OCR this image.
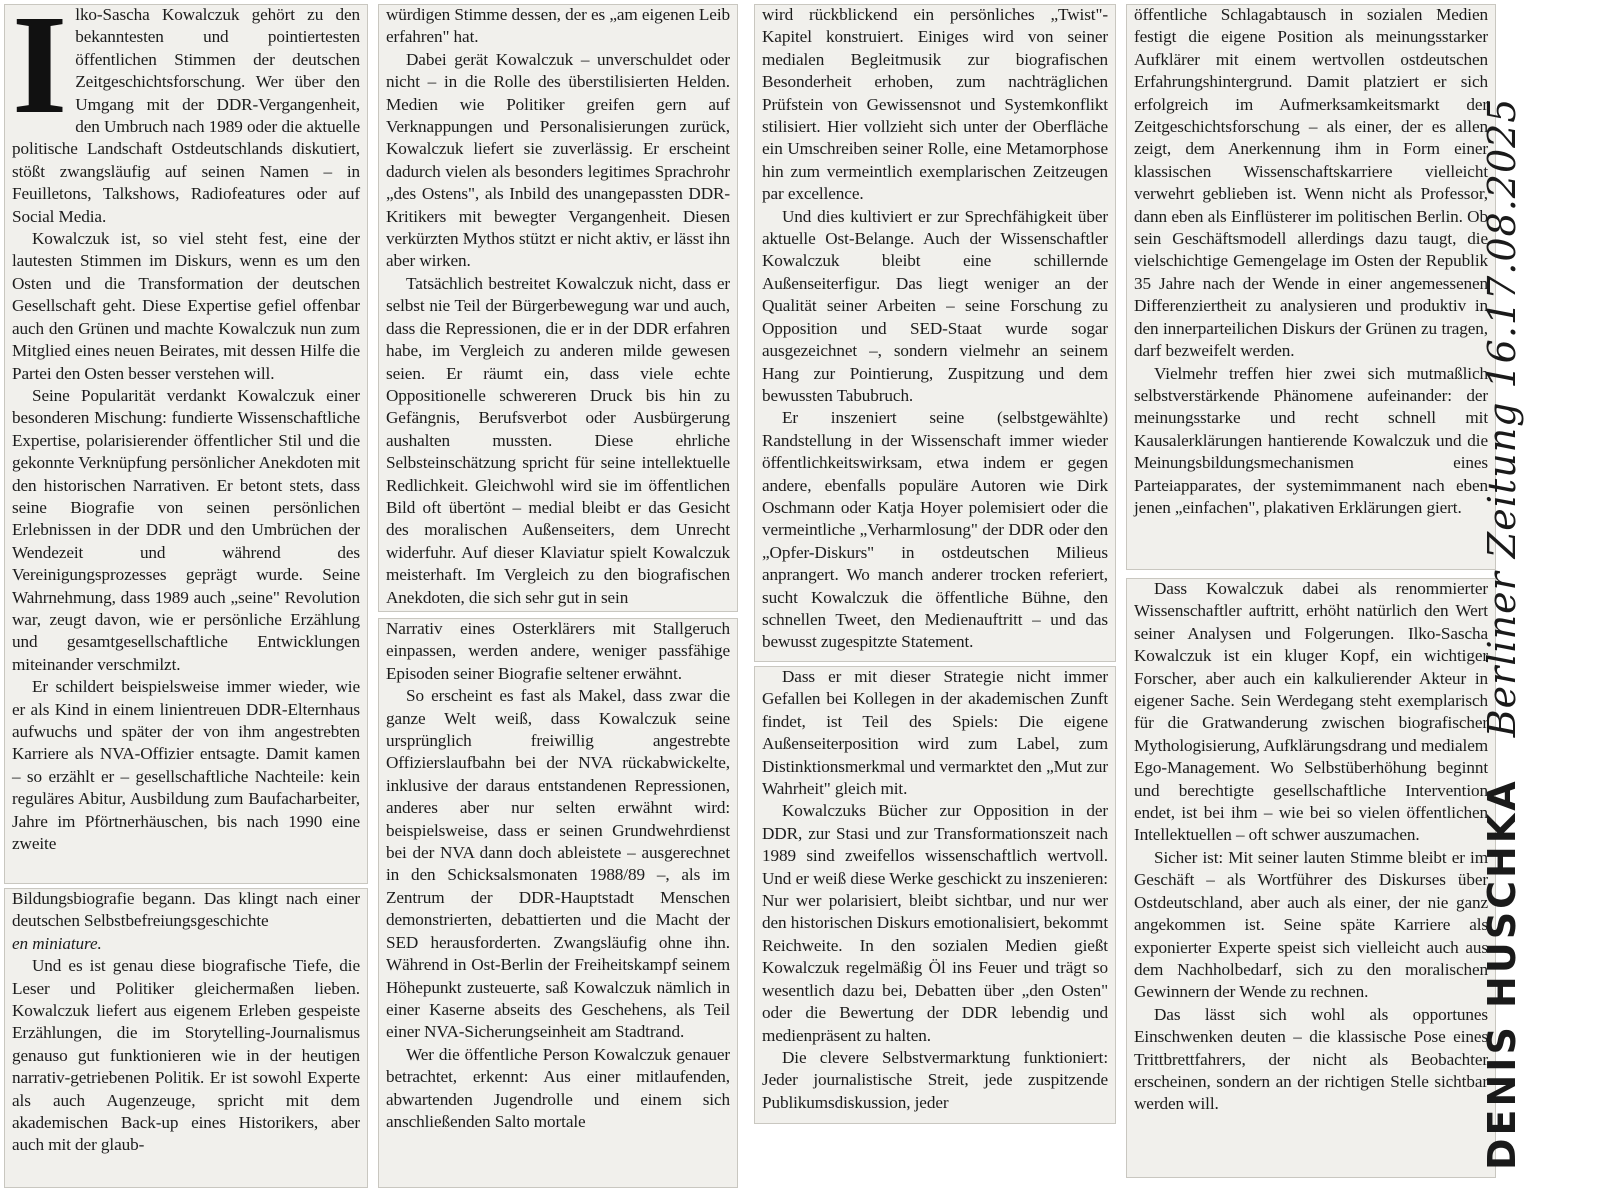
I lko-Sascha Kowalczuk gehört zu den bekanntesten und pointiertesten öffentlichen Stimmen der deutschen Zeitgeschichtsforschung. Wer über den Umgang mit der DDR-Vergangenheit, den Umbruch nach 1989 oder die aktuelle politische Landschaft Ostdeutschlands diskutiert, stößt zwangsläufig auf seinen Namen – in Feuilletons, Talkshows, Radiofeatures oder auf Social Media.

Kowalczuk ist, so viel steht fest, eine der lautesten Stimmen im Diskurs, wenn es um den Osten und die Transformation der deutschen Gesellschaft geht. Diese Expertise gefiel offenbar auch den Grünen und machte Kowalczuk nun zum Mitglied eines neuen Beirates, mit dessen Hilfe die Partei den Osten besser verstehen will.

Seine Popularität verdankt Kowalczuk einer besonderen Mischung: fundierte Wissenschaftliche Expertise, polarisierender öffentlicher Stil und die gekonnte Verknüpfung persönlicher Anekdoten mit den historischen Narrativen. Er betont stets, dass seine Biografie von seinen persönlichen Erlebnissen in der DDR und den Umbrüchen der Wendezeit und während des Vereinigungsprozesses geprägt wurde. Seine Wahrnehmung, dass 1989 auch „seine" Revolution war, zeugt davon, wie er persönliche Erzählung und gesamtgesellschaftliche Entwicklungen miteinander verschmilzt.

Er schildert beispielsweise immer wieder, wie er als Kind in einem linientreuen DDR-Elternhaus aufwuchs und später der von ihm angestrebten Karriere als NVA-Offizier entsagte. Damit kamen – so erzählt er – gesellschaftliche Nachteile: kein reguläres Abitur, Ausbildung zum Baufacharbeiter, Jahre im Pförtnerhäuschen, bis nach 1990 eine zweite

Bildungsbiografie begann. Das klingt nach einer deutschen Selbstbefreiungsgeschichte

en miniature.

Und es ist genau diese biografische Tiefe, die Leser und Politiker gleichermaßen lieben. Kowalczuk liefert aus eigenem Erleben gespeiste Erzählungen, die im Storytelling-Journalismus genauso gut funktionieren wie in der heutigen narrativ-getriebenen Politik. Er ist sowohl Experte als auch Augenzeuge, spricht mit dem akademischen Back-up eines Historikers, aber auch mit der glaub-

würdigen Stimme dessen, der es „am eigenen Leib erfahren" hat.

Dabei gerät Kowalczuk – unverschuldet oder nicht – in die Rolle des überstilisierten Helden. Medien wie Politiker greifen gern auf Verknappungen und Personalisierungen zurück, Kowalczuk liefert sie zuverlässig. Er erscheint dadurch vielen als besonders legitimes Sprachrohr „des Ostens", als Inbild des unangepassten DDR-Kritikers mit bewegter Vergangenheit. Diesen verkürzten Mythos stützt er nicht aktiv, er lässt ihn aber wirken.

Tatsächlich bestreitet Kowalczuk nicht, dass er selbst nie Teil der Bürgerbewegung war und auch, dass die Repressionen, die er in der DDR erfahren habe, im Vergleich zu anderen milde gewesen seien. Er räumt ein, dass viele echte Oppositionelle schwereren Druck bis hin zu Gefängnis, Berufsverbot oder Ausbürgerung aushalten mussten. Diese ehrliche Selbsteinschätzung spricht für seine intellektuelle Redlichkeit. Gleichwohl wird sie im öffentlichen Bild oft übertönt – medial bleibt er das Gesicht des moralischen Außenseiters, dem Unrecht widerfuhr. Auf dieser Klaviatur spielt Kowalczuk meisterhaft. Im Vergleich zu den biografischen Anekdoten, die sich sehr gut in sein

Narrativ eines Osterklärers mit Stallgeruch einpassen, werden andere, weniger passfähige Episoden seiner Biografie seltener erwähnt.

So erscheint es fast als Makel, dass zwar die ganze Welt weiß, dass Kowalczuk seine ursprünglich freiwillig angestrebte Offizierslaufbahn bei der NVA rückabwickelte, inklusive der daraus entstandenen Repressionen, anderes aber nur selten erwähnt wird: beispielsweise, dass er seinen Grundwehrdienst bei der NVA dann doch ableistete – ausgerechnet in den Schicksalsmonaten 1988/89 –, als im Zentrum der DDR-Hauptstadt Menschen demonstrierten, debattierten und die Macht der SED herausforderten. Zwangsläufig ohne ihn. Während in Ost-Berlin der Freiheitskampf seinem Höhepunkt zusteuerte, saß Kowalczuk nämlich in einer Kaserne abseits des Geschehens, als Teil einer NVA-Sicherungseinheit am Stadtrand.

Wer die öffentliche Person Kowalczuk genauer betrachtet, erkennt: Aus einer mitlaufenden, abwartenden Jugendrolle und einem sich anschließenden Salto mortale

wird rückblickend ein persönliches „Twist"-Kapitel konstruiert. Einiges wird von seiner medialen Begleitmusik zur biografischen Besonderheit erhoben, zum nachträglichen Prüfstein von Gewissensnot und Systemkonflikt stilisiert. Hier vollzieht sich unter der Oberfläche ein Umschreiben seiner Rolle, eine Metamorphose hin zum vermeintlich exemplarischen Zeitzeugen par excellence.

Und dies kultiviert er zur Sprechfähigkeit über aktuelle Ost-Belange. Auch der Wissenschaftler Kowalczuk bleibt eine schillernde Außenseiterfigur. Das liegt weniger an der Qualität seiner Arbeiten – seine Forschung zu Opposition und SED-Staat wurde sogar ausgezeichnet –, sondern vielmehr an seinem Hang zur Pointierung, Zuspitzung und dem bewussten Tabubruch.

Er inszeniert seine (selbstgewählte) Randstellung in der Wissenschaft immer wieder öffentlichkeitswirksam, etwa indem er gegen andere, ebenfalls populäre Autoren wie Dirk Oschmann oder Katja Hoyer polemisiert oder die vermeintliche „Verharmlosung" der DDR oder den „Opfer-Diskurs" in ostdeutschen Milieus anprangert. Wo manch anderer trocken referiert, sucht Kowalczuk die öffentliche Bühne, den schnellen Tweet, den Medienauftritt – und das bewusst zugespitzte Statement.

Dass er mit dieser Strategie nicht immer Gefallen bei Kollegen in der akademischen Zunft findet, ist Teil des Spiels: Die eigene Außenseiterposition wird zum Label, zum Distinktionsmerkmal und vermarktet den „Mut zur Wahrheit" gleich mit.

Kowalczuks Bücher zur Opposition in der DDR, zur Stasi und zur Transformationszeit nach 1989 sind zweifellos wissenschaftlich wertvoll. Und er weiß diese Werke geschickt zu inszenieren: Nur wer polarisiert, bleibt sichtbar, und nur wer den historischen Diskurs emotionalisiert, bekommt Reichweite. In den sozialen Medien gießt Kowalczuk regelmäßig Öl ins Feuer und trägt so wesentlich dazu bei, Debatten über „den Osten" oder die Bewertung der DDR lebendig und medienpräsent zu halten.

Die clevere Selbstvermarktung funktioniert: Jeder journalistische Streit, jede zuspitzende Publikumsdiskussion, jeder

öffentliche Schlagabtausch in sozialen Medien festigt die eigene Position als meinungsstarker Aufklärer mit einem wertvollen ostdeutschen Erfahrungshintergrund. Damit platziert er sich erfolgreich im Aufmerksamkeitsmarkt der Zeitgeschichtsforschung – als einer, der es allen zeigt, dem Anerkennung ihm in Form einer klassischen Wissenschaftskarriere vielleicht verwehrt geblieben ist. Wenn nicht als Professor, dann eben als Einflüsterer im politischen Berlin. Ob sein Geschäftsmodell allerdings dazu taugt, die vielschichtige Gemengelage im Osten der Republik 35 Jahre nach der Wende in einer angemessenen Differenziertheit zu analysieren und produktiv in den innerparteilichen Diskurs der Grünen zu tragen, darf bezweifelt werden.

Vielmehr treffen hier zwei sich mutmaßlich selbstverstärkende Phänomene aufeinander: der meinungsstarke und recht schnell mit Kausalerklärungen hantierende Kowalczuk und die Meinungsbildungsmechanismen eines Parteiapparates, der systemimmanent nach eben jenen „einfachen", plakativen Erklärungen giert.

Dass Kowalczuk dabei als renommierter Wissenschaftler auftritt, erhöht natürlich den Wert seiner Analysen und Folgerungen. Ilko-Sascha Kowalczuk ist ein kluger Kopf, ein wichtiger Forscher, aber auch ein kalkulierender Akteur in eigener Sache. Sein Werdegang steht exemplarisch für die Gratwanderung zwischen biografischer Mythologisierung, Aufklärungsdrang und medialem Ego-Management. Wo Selbstüberhöhung beginnt und berechtigte gesellschaftliche Intervention endet, ist bei ihm – wie bei so vielen öffentlichen Intellektuellen – oft schwer auszumachen.

Sicher ist: Mit seiner lauten Stimme bleibt er im Geschäft – als Wortführer des Diskurses über Ostdeutschland, aber auch als einer, der nie ganz angekommen ist. Seine späte Karriere als exponierter Experte speist sich vielleicht auch aus dem Nachholbedarf, sich zu den moralischen Gewinnern der Wende zu rechnen.

Das lässt sich wohl als opportunes Einschwenken deuten – die klassische Pose eines Trittbrettfahrers, der nicht als Beobachter erscheinen, sondern an der richtigen Stelle sichtbar werden will.	DENIS HUSCHKA Berliner Zeitung 16.17.08.2025
